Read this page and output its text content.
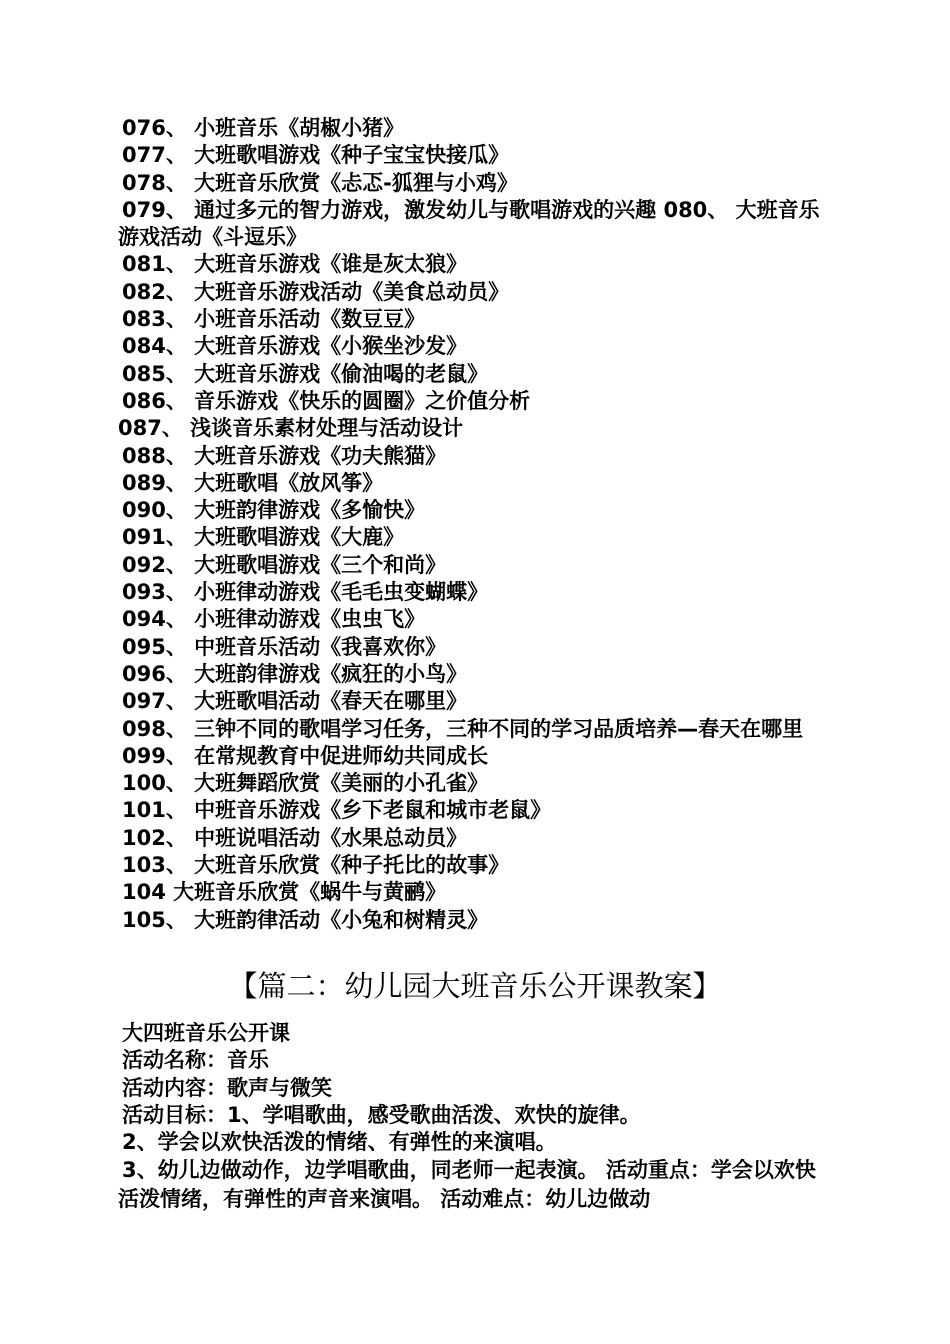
076、 小班音乐《胡椒小猪》
077、 大班歌唱游戏《种子宝宝快接瓜》
078、 大班音乐欣赏《忐忑-狐狸与小鸡》
079、 通过多元的智力游戏，激发幼儿与歌唱游戏的兴趣 080、 大班音乐游戏活动《斗逗乐》
081、 大班音乐游戏《谁是灰太狼》
082、 大班音乐游戏活动《美食总动员》
083、 小班音乐活动《数豆豆》
084、 大班音乐游戏《小猴坐沙发》
085、 大班音乐游戏《偷油喝的老鼠》
086、 音乐游戏《快乐的圆圈》之价值分析
087、 浅谈音乐素材处理与活动设计
088、 大班音乐游戏《功夫熊猫》
089、 大班歌唱《放风筝》
090、 大班韵律游戏《多愉快》
091、 大班歌唱游戏《大鹿》
092、 大班歌唱游戏《三个和尚》
093、 小班律动游戏《毛毛虫变蝴蝶》
094、 小班律动游戏《虫虫飞》
095、 中班音乐活动《我喜欢你》
096、 大班韵律游戏《疯狂的小鸟》
097、 大班歌唱活动《春天在哪里》
098、 三钟不同的歌唱学习任务，三种不同的学习品质培养—春天在哪里
099、 在常规教育中促进师幼共同成长
100、 大班舞蹈欣赏《美丽的小孔雀》
101、 中班音乐游戏《乡下老鼠和城市老鼠》
102、 中班说唱活动《水果总动员》
103、 大班音乐欣赏《种子托比的故事》
104 大班音乐欣赏《蜗牛与黄鹂》
105、 大班韵律活动《小兔和树精灵》
【篇二：幼儿园大班音乐公开课教案】
大四班音乐公开课
活动名称：音乐
活动内容：歌声与微笑
活动目标：1、学唱歌曲，感受歌曲活泼、欢快的旋律。
2、学会以欢快活泼的情绪、有弹性的来演唱。
3、幼儿边做动作，边学唱歌曲，同老师一起表演。 活动重点：学会以欢快活泼情绪，有弹性的声音来演唱。 活动难点：幼儿边做动
